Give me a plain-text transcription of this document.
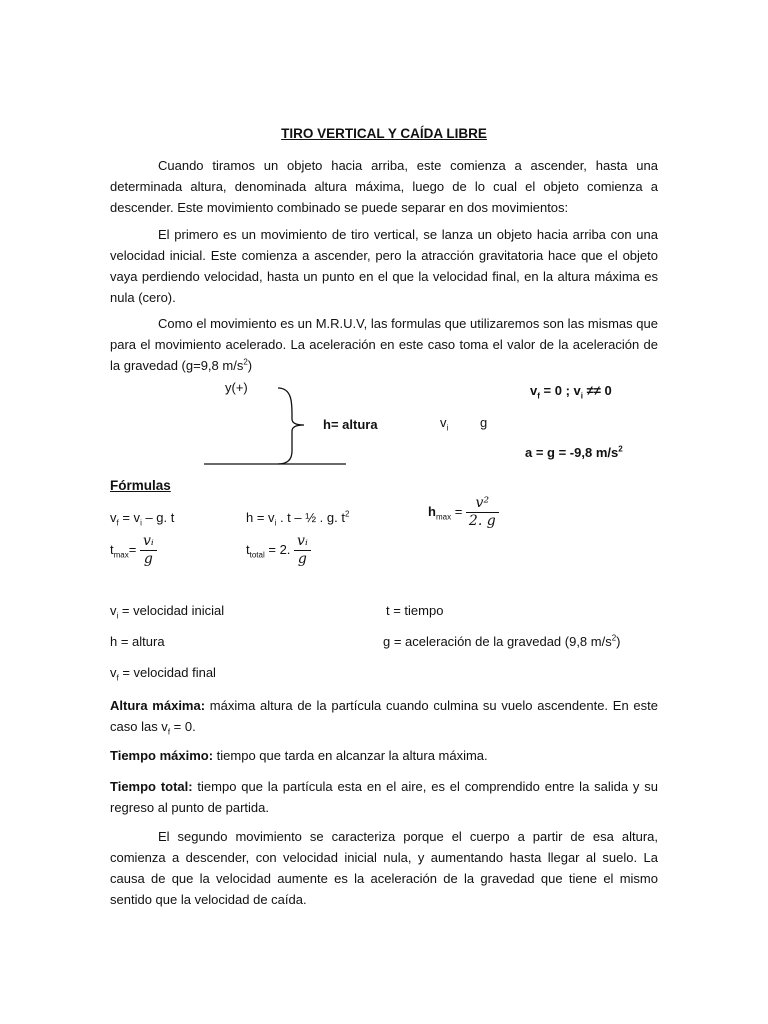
TIRO VERTICAL Y CAÍDA LIBRE

Cuando tiramos un objeto hacia arriba, este comienza a ascender, hasta una determinada altura, denominada altura máxima, luego de lo cual el objeto comienza a descender. Este movimiento combinado se puede separar en dos movimientos:

El primero es un movimiento de tiro vertical, se lanza un objeto hacia arriba con una velocidad inicial. Este comienza a ascender, pero la atracción gravitatoria hace que el objeto vaya perdiendo velocidad, hasta un punto en el que la velocidad final, en la altura máxima es nula (cero).

Como el movimiento es un M.R.U.V, las formulas que utilizaremos son las mismas que para el movimiento acelerado. La aceleración en este caso toma el valor de la aceleración de la gravedad (g=9,8 $m/s^2$)

y(+)
h= altura	$v_i$ g
$v_f = 0$ ; $v_i \ne\ne 0$
a = g = -9,8 $m/s^2$
Fórmulas
$v_f = v_i - g$. t	$h = v_i$ . t – ½ . g. $t^2$	$h_{max} = \frac{\text{v²}}{2. g}$
$t_{max}= \frac{\text{vᵢ}}{g}$	$t_{total} = 2$. $\frac{\text{vᵢ}}{g}$
$v_i$ = velocidad inicial	t = tiempo
h = altura	g = aceleración de la gravedad (9,8 $m/s^2$)
$v_f$ = velocidad final

Altura máxima: máxima altura de la partícula cuando culmina su vuelo ascendente. En este caso las $v_f = 0$.

Tiempo máximo: tiempo que tarda en alcanzar la altura máxima.

Tiempo total: tiempo que la partícula esta en el aire, es el comprendido entre la salida y su regreso al punto de partida.

El segundo movimiento se caracteriza porque el cuerpo a partir de esa altura, comienza a descender, con velocidad inicial nula, y aumentando hasta llegar al suelo. La causa de que la velocidad aumente es la aceleración de la gravedad que tiene el mismo sentido que la velocidad de caída.
